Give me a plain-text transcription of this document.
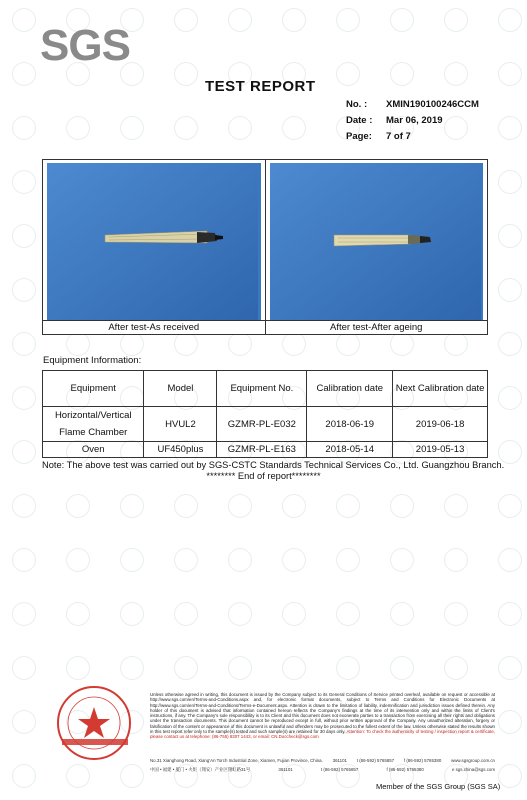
SGS
TEST REPORT
No. :	XMIN190100246CCM
Date :	Mar 06, 2019
Page:	7 of 7
After test-As received	After test-After ageing
Equipment Information:
Equipment	Model	Equipment No.	Calibration date	Next Calibration date
Horizontal/Vertical Flame Chamber	HVUL2	GZMR-PL-E032	2018-06-19	2019-06-18
Oven	UF450plus	GZMR-PL-E163	2018-05-14	2019-05-13
Note: The above test was carried out by SGS-CSTC Standards Technical Services Co., Ltd. Guangzhou Branch.
******** End of report********
Unless otherwise agreed in writing, this document is issued by the Company subject to its General Conditions of Service printed overleaf, available on request or accessible at http://www.sgs.com/en/Terms-and-Conditions.aspx and, for electronic format documents, subject to Terms and Conditions for Electronic Documents at http://www.sgs.com/en/Terms-and-Conditions/Terms-e-Document.aspx. Attention is drawn to the limitation of liability, indemnification and jurisdiction issues defined therein. Any holder of this document is advised that information contained hereon reflects the Company's findings at the time of its intervention only and within the limits of Client's instructions, if any. The Company's sole responsibility is to its Client and this document does not exonerate parties to a transaction from exercising all their rights and obligations under the transaction documents. This document cannot be reproduced except in full, without prior written approval of the Company. Any unauthorized alteration, forgery or falsification of the content or appearance of this document is unlawful and offenders may be prosecuted to the fullest extent of the law. Unless otherwise stated the results shown in this test report refer only to the sample(s) tested and such sample(s) are retained for 30 days only. Attention: To check the authenticity of testing / inspection report & certificate, please contact us at telephone: (86-755) 8307 1443, or email: CN.Doccheck@sgs.com
No.31 Xianghong Road, Xiang'An Torch Industrial Zone, Xiamen, Fujian Province, China. 361101 t (86-592) 5765857 f (86-592) 5765380 www.sgsgroup.com.cn
中国 • 福建 • 厦门 • 火炬（翔安）产业区翔虹路31号	361101	t (86-592) 5765857	f (86-592) 5765380	e sgs.china@sgs.com
Member of the SGS Group (SGS SA)
